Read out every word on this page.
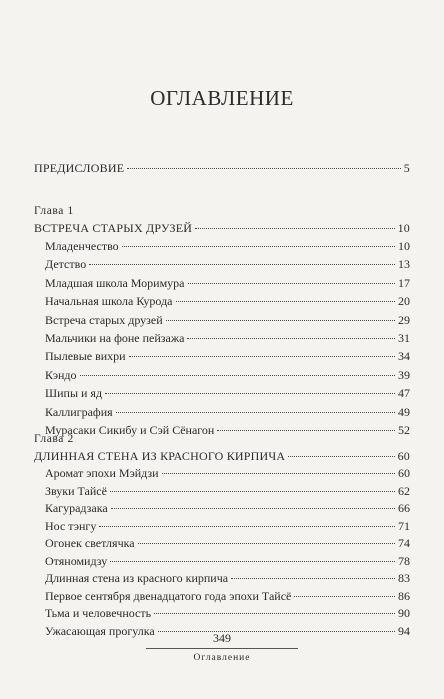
ОГЛАВЛЕНИЕ
ПРЕДИСЛОВИЕ	5
Глава 1
ВСТРЕЧА СТАРЫХ ДРУЗЕЙ	10
Младенчество	10
Детство	13
Младшая школа Моримура	17
Начальная школа Курода	20
Встреча старых друзей	29
Мальчики на фоне пейзажа	31
Пылевые вихри	34
Кэндо	39
Шипы и яд	47
Каллиграфия	49
Мурасаки Сикибу и Сэй Сёнагон	52
Глава 2
ДЛИННАЯ СТЕНА ИЗ КРАСНОГО КИРПИЧА	60
Аромат эпохи Мэйдзи	60
Звуки Тайсё	62
Кагурадзака	66
Нос тэнгу	71
Огонек светлячка	74
Отяномидзу	78
Длинная стена из красного кирпича	83
Первое сентября двенадцатого года эпохи Тайсё	86
Тьма и человечность	90
Ужасающая прогулка	94
349
Оглавление
